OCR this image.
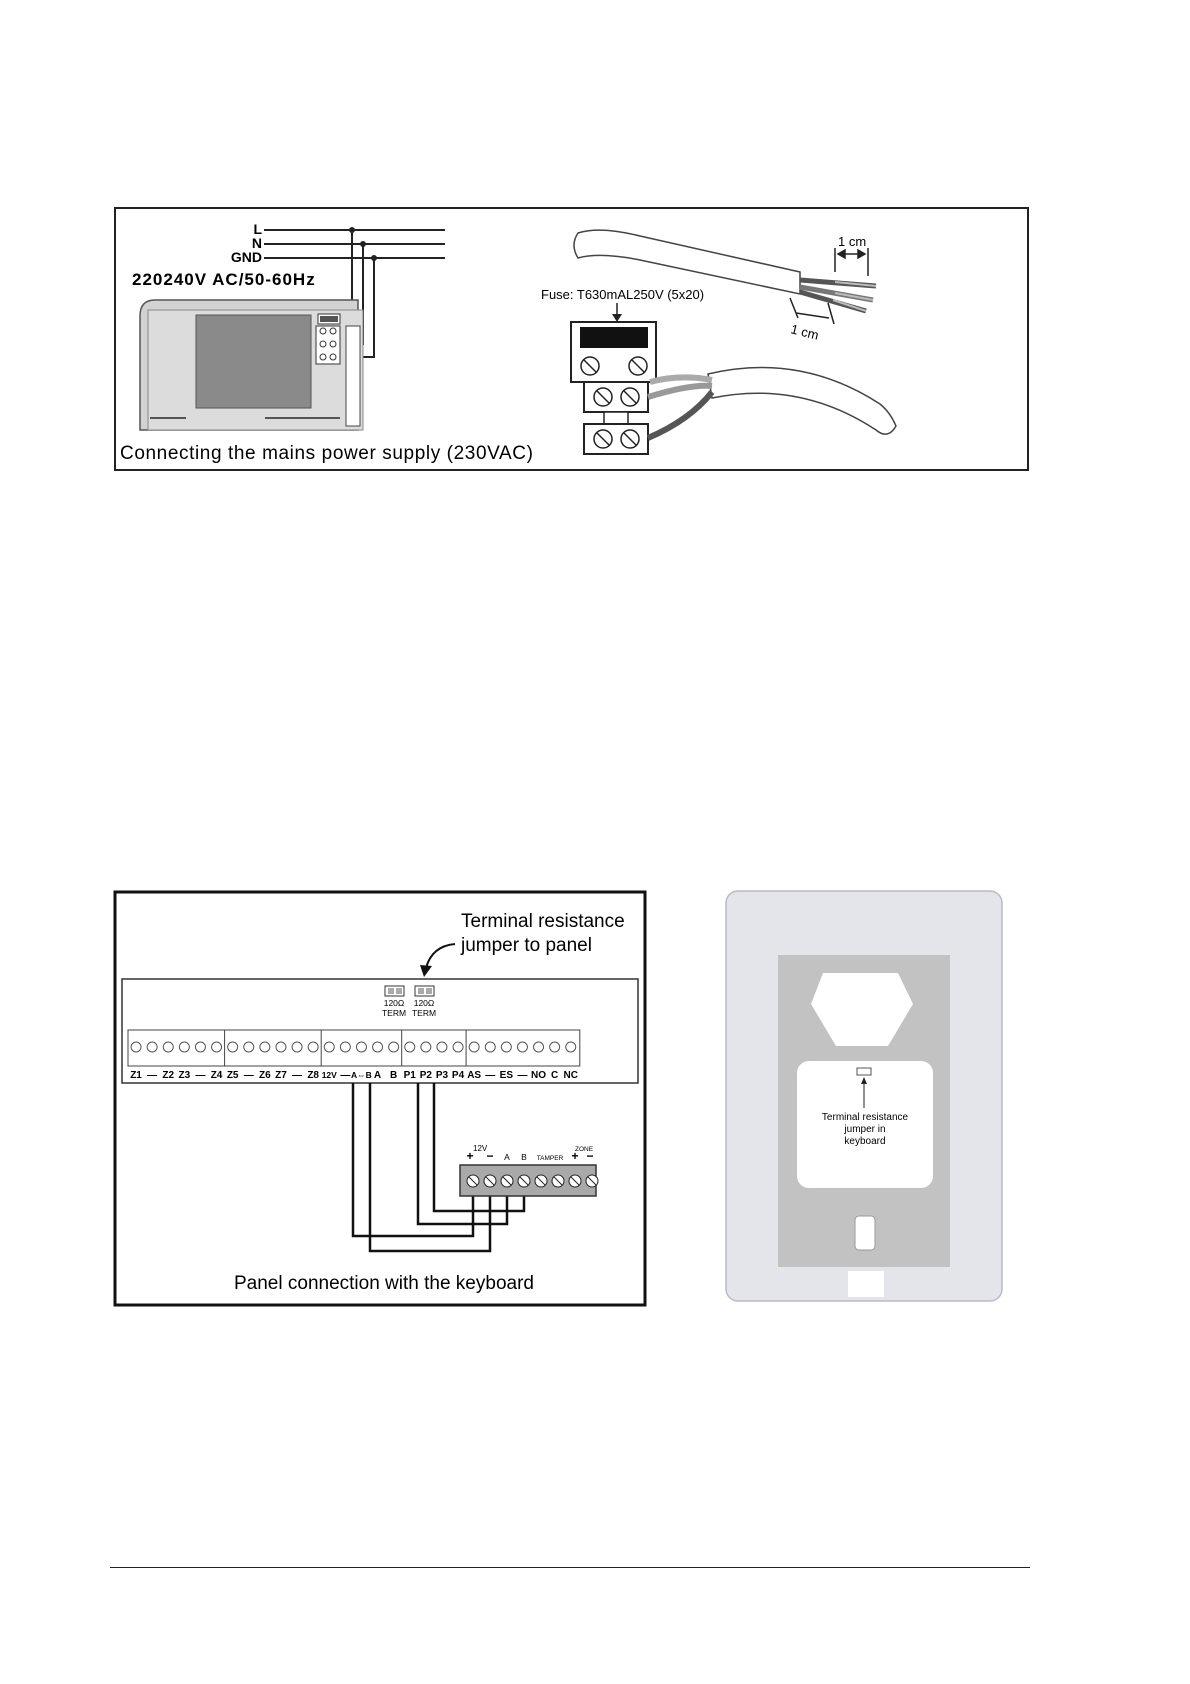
L
N
GND
220240V AC/50-60Hz
1 cm
1 cm
Fuse: T630mAL250V (5x20)
Connecting the mains power supply (230VAC)
Terminal resistance
jumper to panel
120Ω
TERM
120Ω
TERM
Z1 — Z2 Z3 — Z4 Z5 — Z6 Z7 — Z8 12V — A⇔B A B P1 P2 P3 P4 AS — ES — NO C NC
12V
+ − A B TAMPER
ZONE
+ −
Panel connection with the keyboard
Terminal resistance
jumper in
keyboard
